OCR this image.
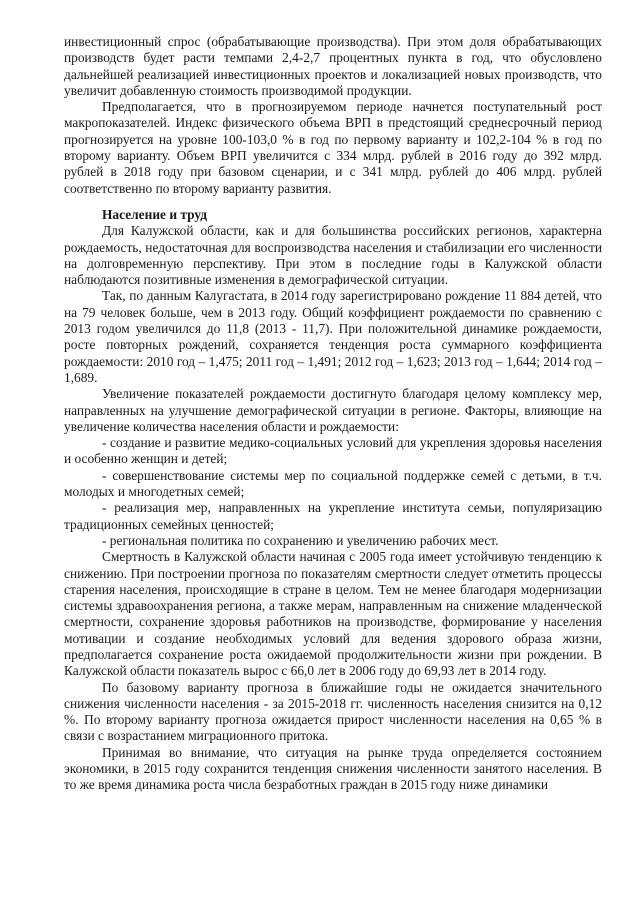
инвестиционный спрос (обрабатывающие производства). При этом доля обрабатывающих производств будет расти темпами 2,4-2,7 процентных пункта в год, что обусловлено дальнейшей реализацией инвестиционных проектов и локализацией новых производств, что увеличит добавленную стоимость производимой продукции.

Предполагается, что в прогнозируемом периоде начнется поступательный рост макропоказателей. Индекс физического объема ВРП в предстоящий среднесрочный период прогнозируется на уровне 100-103,0 % в год по первому варианту и 102,2-104 % в год по второму варианту. Объем ВРП увеличится с 334 млрд. рублей в 2016 году до 392 млрд. рублей в 2018 году при базовом сценарии, и с 341 млрд. рублей до 406 млрд. рублей соответственно по второму варианту развития.

Население и труд

Для Калужской области, как и для большинства российских регионов, характерна рождаемость, недостаточная для воспроизводства населения и стабилизации его численности на долговременную перспективу. При этом в последние годы в Калужской области наблюдаются позитивные изменения в демографической ситуации.

Так, по данным Калугастата, в 2014 году зарегистрировано рождение 11 884 детей, что на 79 человек больше, чем в 2013 году. Общий коэффициент рождаемости по сравнению с 2013 годом увеличился до 11,8 (2013 - 11,7). При положительной динамике рождаемости, росте повторных рождений, сохраняется тенденция роста суммарного коэффициента рождаемости: 2010 год – 1,475; 2011 год – 1,491; 2012 год – 1,623; 2013 год – 1,644; 2014 год – 1,689.

Увеличение показателей рождаемости достигнуто благодаря целому комплексу мер, направленных на улучшение демографической ситуации в регионе. Факторы, влияющие на увеличение количества населения области и рождаемости:

- создание и развитие медико-социальных условий для укрепления здоровья населения и особенно женщин и детей;

- совершенствование системы мер по социальной поддержке семей с детьми, в т.ч. молодых и многодетных семей;

- реализация мер, направленных на укрепление института семьи, популяризацию традиционных семейных ценностей;

- региональная политика по сохранению и увеличению рабочих мест.

Смертность в Калужской области начиная с 2005 года имеет устойчивую тенденцию к снижению. При построении прогноза по показателям смертности следует отметить процессы старения населения, происходящие в стране в целом. Тем не менее благодаря модернизации системы здравоохранения региона, а также мерам, направленным на снижение младенческой смертности, сохранение здоровья работников на производстве, формирование у населения мотивации и создание необходимых условий для ведения здорового образа жизни, предполагается сохранение роста ожидаемой продолжительности жизни при рождении. В Калужской области показатель вырос с 66,0 лет в 2006 году до 69,93 лет в 2014 году.

По базовому варианту прогноза в ближайшие годы не ожидается значительного снижения численности населения - за 2015-2018 гг. численность населения снизится на 0,12 %. По второму варианту прогноза ожидается прирост численности населения на 0,65 % в связи с возрастанием миграционного притока.

Принимая во внимание, что ситуация на рынке труда определяется состоянием экономики, в 2015 году сохранится тенденция снижения численности занятого населения. В то же время динамика роста числа безработных граждан в 2015 году ниже динамики
